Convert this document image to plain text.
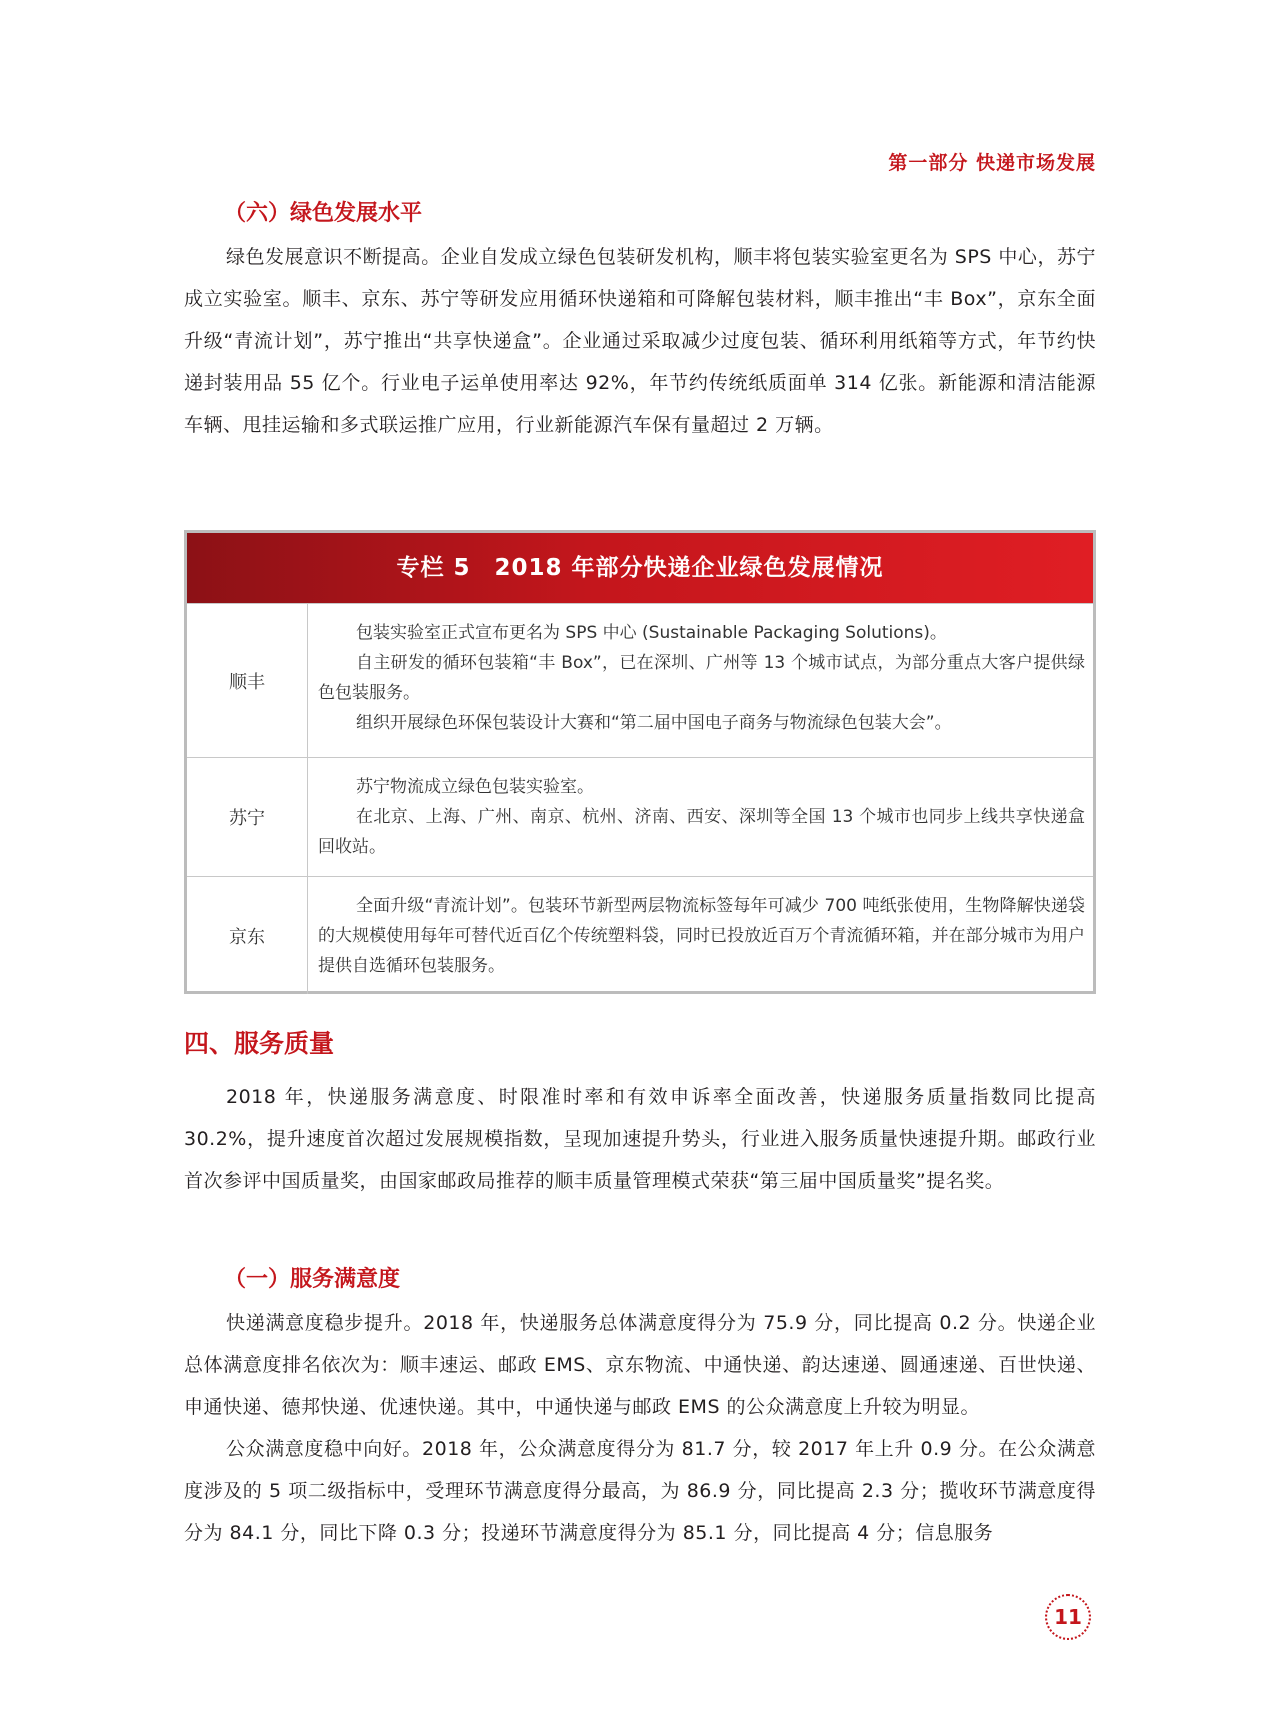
第一部分 快递市场发展
（六）绿色发展水平

绿色发展意识不断提高。企业自发成立绿色包装研发机构，顺丰将包装实验室更名为 SPS 中心，苏宁成立实验室。顺丰、京东、苏宁等研发应用循环快递箱和可降解包装材料，顺丰推出“丰 Box”，京东全面升级“青流计划”，苏宁推出“共享快递盒”。企业通过采取减少过度包装、循环利用纸箱等方式，年节约快递封装用品 55 亿个。行业电子运单使用率达 92%，年节约传统纸质面单 314 亿张。新能源和清洁能源车辆、甩挂运输和多式联运推广应用，行业新能源汽车保有量超过 2 万辆。

专栏 5　2018 年部分快递企业绿色发展情况
顺丰

包装实验室正式宣布更名为 SPS 中心 (Sustainable Packaging Solutions)。

自主研发的循环包装箱“丰 Box”，已在深圳、广州等 13 个城市试点，为部分重点大客户提供绿色包装服务。

组织开展绿色环保包装设计大赛和“第二届中国电子商务与物流绿色包装大会”。

苏宁

苏宁物流成立绿色包装实验室。

在北京、上海、广州、南京、杭州、济南、西安、深圳等全国 13 个城市也同步上线共享快递盒回收站。

京东

全面升级“青流计划”。包装环节新型两层物流标签每年可减少 700 吨纸张使用，生物降解快递袋的大规模使用每年可替代近百亿个传统塑料袋，同时已投放近百万个青流循环箱，并在部分城市为用户提供自选循环包装服务。

四、服务质量

2018 年，快递服务满意度、时限准时率和有效申诉率全面改善，快递服务质量指数同比提高 30.2%，提升速度首次超过发展规模指数，呈现加速提升势头，行业进入服务质量快速提升期。邮政行业首次参评中国质量奖，由国家邮政局推荐的顺丰质量管理模式荣获“第三届中国质量奖”提名奖。

（一）服务满意度

快递满意度稳步提升。2018 年，快递服务总体满意度得分为 75.9 分，同比提高 0.2 分。快递企业总体满意度排名依次为：顺丰速运、邮政 EMS、京东物流、中通快递、韵达速递、圆通速递、百世快递、申通快递、德邦快递、优速快递。其中，中通快递与邮政 EMS 的公众满意度上升较为明显。

公众满意度稳中向好。2018 年，公众满意度得分为 81.7 分，较 2017 年上升 0.9 分。在公众满意度涉及的 5 项二级指标中，受理环节满意度得分最高，为 86.9 分，同比提高 2.3 分；揽收环节满意度得分为 84.1 分，同比下降 0.3 分；投递环节满意度得分为 85.1 分，同比提高 4 分；信息服务

11
